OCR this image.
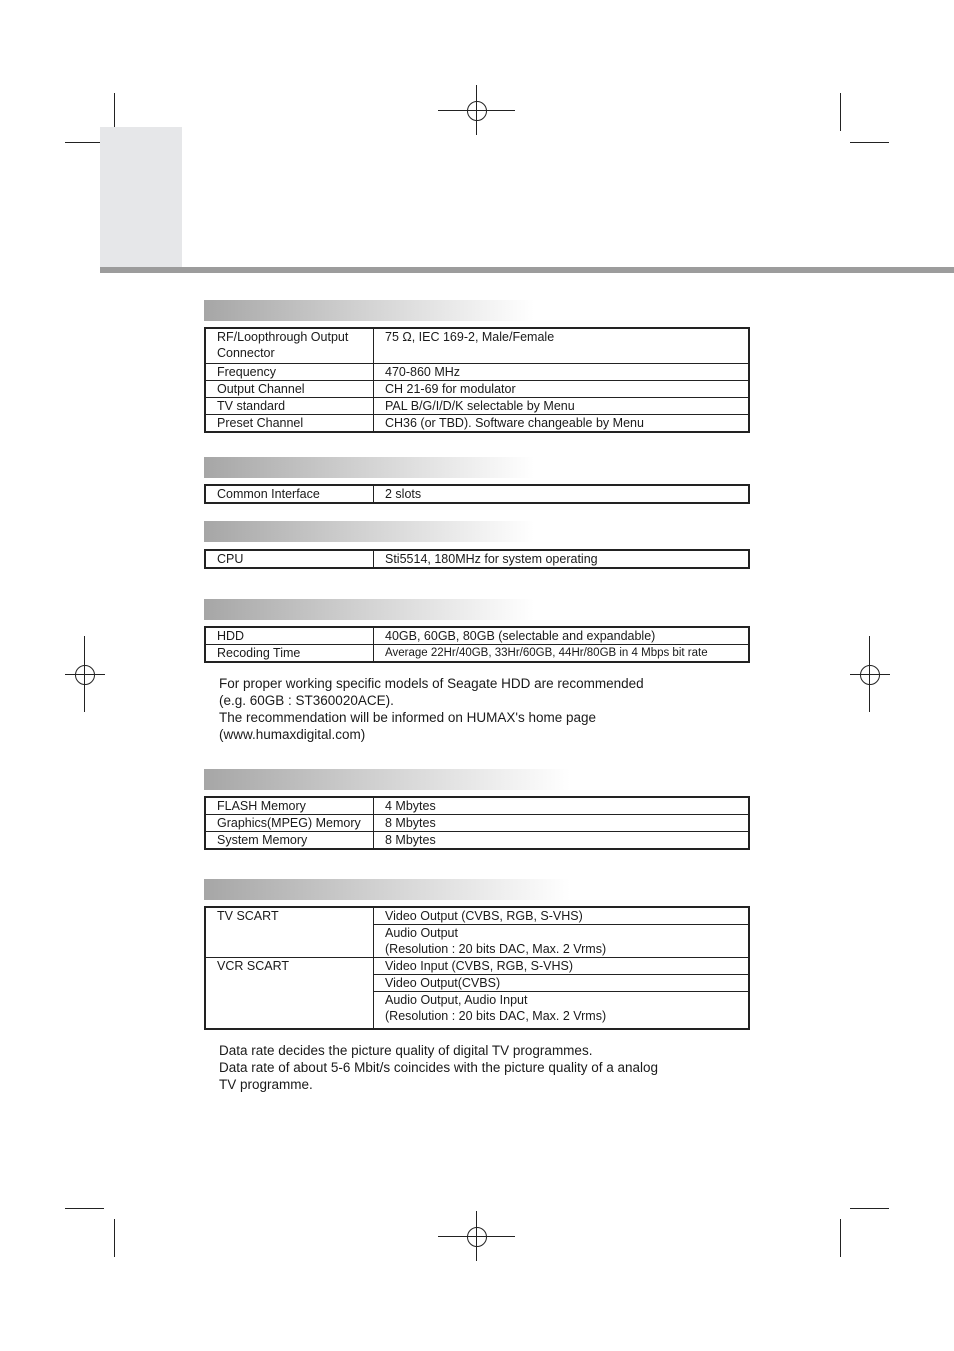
RF/Loopthrough Output Connector	75 Ω, IEC 169-2, Male/Female
Frequency	470-860 MHz
Output Channel	CH 21-69 for modulator
TV standard	PAL B/G/I/D/K selectable by Menu
Preset Channel	CH36 (or TBD). Software changeable by Menu
Common Interface	2 slots
CPU	Sti5514, 180MHz for system operating
HDD	40GB, 60GB, 80GB (selectable and expandable)
Recoding Time	Average 22Hr/40GB, 33Hr/60GB, 44Hr/80GB in 4 Mbps bit rate
For proper working specific models of Seagate HDD are recommended
(e.g. 60GB : ST360020ACE).
The recommendation will be informed on HUMAX's home page
(www.humaxdigital.com)
FLASH Memory	4 Mbytes
Graphics(MPEG) Memory	8 Mbytes
System Memory	8 Mbytes
TV SCART	Video Output (CVBS, RGB, S-VHS)

	Audio Output
(Resolution : 20 bits DAC, Max. 2 Vrms)

VCR SCART	Video Input (CVBS, RGB, S-VHS)
	Video Output(CVBS)

	Audio Output, Audio Input
(Resolution : 20 bits DAC, Max. 2 Vrms)
Data rate decides the picture quality of digital TV programmes.
Data rate of about 5-6 Mbit/s coincides with the picture quality of a analog
TV programme.
